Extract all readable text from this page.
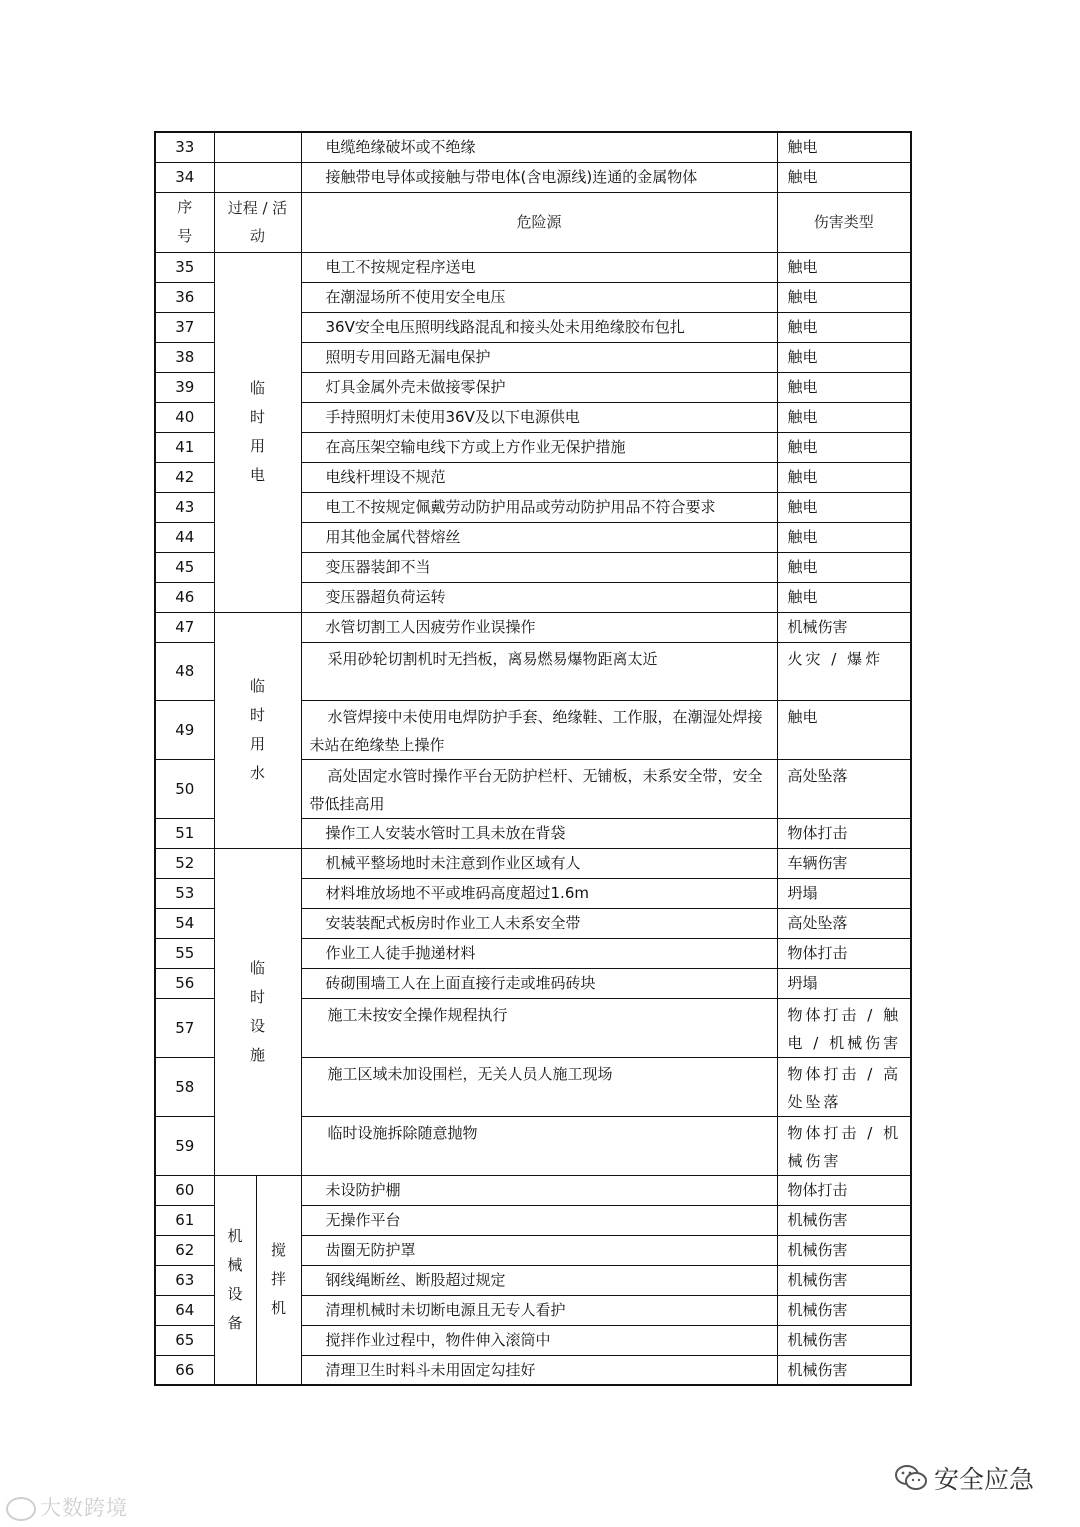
33			电缆绝缘破坏或不绝缘	触电
34			接触带电导体或接触与带电体(含电源线)连通的金属物体	触电
序号	过程 / 活动		危险源	伤害类型
35	临时用电		电工不按规定程序送电	触电
36			在潮湿场所不使用安全电压	触电
37			36V安全电压照明线路混乱和接头处未用绝缘胶布包扎	触电
38			照明专用回路无漏电保护	触电
39			灯具金属外壳未做接零保护	触电
40			手持照明灯未使用36V及以下电源供电	触电
41			在高压架空输电线下方或上方作业无保护措施	触电
42			电线杆埋设不规范	触电
43			电工不按规定佩戴劳动防护用品或劳动防护用品不符合要求	触电
44			用其他金属代替熔丝	触电
45			变压器装卸不当	触电
46			变压器超负荷运转	触电
47	临时用水		水管切割工人因疲劳作业误操作	机械伤害
48			采用砂轮切割机时无挡板，离易燃易爆物距离太近	火灾 / 爆炸
49			水管焊接中未使用电焊防护手套、绝缘鞋、工作服，在潮湿处焊接未站在绝缘垫上操作	触电
50			高处固定水管时操作平台无防护栏杆、无铺板，未系安全带，安全带低挂高用	高处坠落
51			操作工人安装水管时工具未放在背袋	物体打击
52	临时设施		机械平整场地时未注意到作业区域有人	车辆伤害
53			材料堆放场地不平或堆码高度超过1.6m	坍塌
54			安装装配式板房时作业工人未系安全带	高处坠落
55			作业工人徒手抛递材料	物体打击
56			砖砌围墙工人在上面直接行走或堆码砖块	坍塌
57			施工未按安全操作规程执行	物体打击 / 触电 / 机械伤害
58			施工区域未加设围栏，无关人员人施工现场	物体打击 / 高处坠落
59			临时设施拆除随意抛物	物体打击 / 机械伤害
60	机械设备	搅拌机	未设防护棚	物体打击
61			无操作平台	机械伤害
62			齿圈无防护罩	机械伤害
63			钢线绳断丝、断股超过规定	机械伤害
64			清理机械时未切断电源且无专人看护	机械伤害
65			搅拌作业过程中，物件伸入滚筒中	机械伤害
66			清理卫生时料斗未用固定勾挂好	机械伤害
大数跨境
安全应急
